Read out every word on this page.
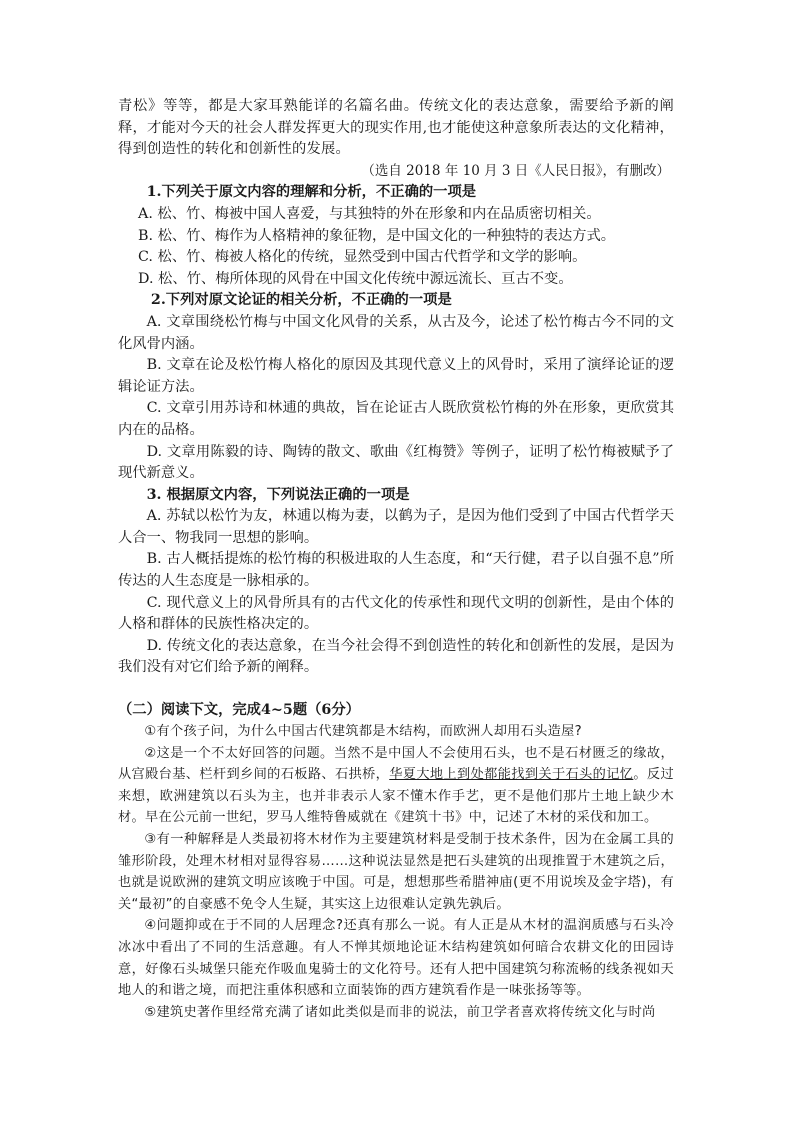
青松》等等，都是大家耳熟能详的名篇名曲。传统文化的表达意象，需要给予新的阐释，才能对今天的社会人群发挥更大的现实作用,也才能使这种意象所表达的文化精神，得到创造性的转化和创新性的发展。

（选自 2018 年 10 月 3 日《人民日报》，有删改）

1.下列关于原文内容的理解和分析，不正确的一项是

A. 松、竹、梅被中国人喜爱，与其独特的外在形象和内在品质密切相关。

B. 松、竹、梅作为人格精神的象征物，是中国文化的一种独特的表达方式。

C. 松、竹、梅被人格化的传统，显然受到中国古代哲学和文学的影响。

D. 松、竹、梅所体现的风骨在中国文化传统中源远流长、亘古不变。

2.下列对原文论证的相关分析，不正确的一项是

A. 文章围绕松竹梅与中国文化风骨的关系，从古及今，论述了松竹梅古今不同的文化风骨内涵。

B. 文章在论及松竹梅人格化的原因及其现代意义上的风骨时，采用了演绎论证的逻辑论证方法。

C. 文章引用苏诗和林逋的典故，旨在论证古人既欣赏松竹梅的外在形象，更欣赏其内在的品格。

D. 文章用陈毅的诗、陶铸的散文、歌曲《红梅赞》等例子，证明了松竹梅被赋予了现代新意义。

3. 根据原文内容，下列说法正确的一项是

A. 苏轼以松竹为友，林逋以梅为妻，以鹤为子，是因为他们受到了中国古代哲学天人合一、物我同一思想的影响。

B. 古人概括提炼的松竹梅的积极进取的人生态度，和“天行健，君子以自强不息”所传达的人生态度是一脉相承的。

C. 现代意义上的风骨所具有的古代文化的传承性和现代文明的创新性，是由个体的人格和群体的民族性格决定的。

D. 传统文化的表达意象，在当今社会得不到创造性的转化和创新性的发展，是因为我们没有对它们给予新的阐释。

（二）阅读下文，完成4~5题（6分）

①有个孩子问，为什么中国古代建筑都是木结构，而欧洲人却用石头造屋?

②这是一个不太好回答的问题。当然不是中国人不会使用石头，也不是石材匮乏的缘故，从宫殿台基、栏杆到乡间的石板路、石拱桥，华夏大地上到处都能找到关于石头的记忆。反过来想，欧洲建筑以石头为主，也并非表示人家不懂木作手艺，更不是他们那片土地上缺少木材。早在公元前一世纪，罗马人维特鲁威就在《建筑十书》中，记述了木材的采伐和加工。

③有一种解释是人类最初将木材作为主要建筑材料是受制于技术条件，因为在金属工具的雏形阶段，处理木材相对显得容易……这种说法显然是把石头建筑的出现推置于木建筑之后，也就是说欧洲的建筑文明应该晚于中国。可是，想想那些希腊神庙(更不用说埃及金字塔)，有关“最初”的自豪感不免令人生疑，其实这上边很难认定孰先孰后。

④问题抑或在于不同的人居理念?还真有那么一说。有人正是从木材的温润质感与石头冷冰冰中看出了不同的生活意趣。有人不惮其烦地论证木结构建筑如何暗合农耕文化的田园诗意，好像石头城堡只能充作吸血鬼骑士的文化符号。还有人把中国建筑匀称流畅的线条视如天地人的和谐之境，而把注重体积感和立面装饰的西方建筑看作是一味张扬等等。

⑤建筑史著作里经常充满了诸如此类似是而非的说法，前卫学者喜欢将传统文化与时尚
